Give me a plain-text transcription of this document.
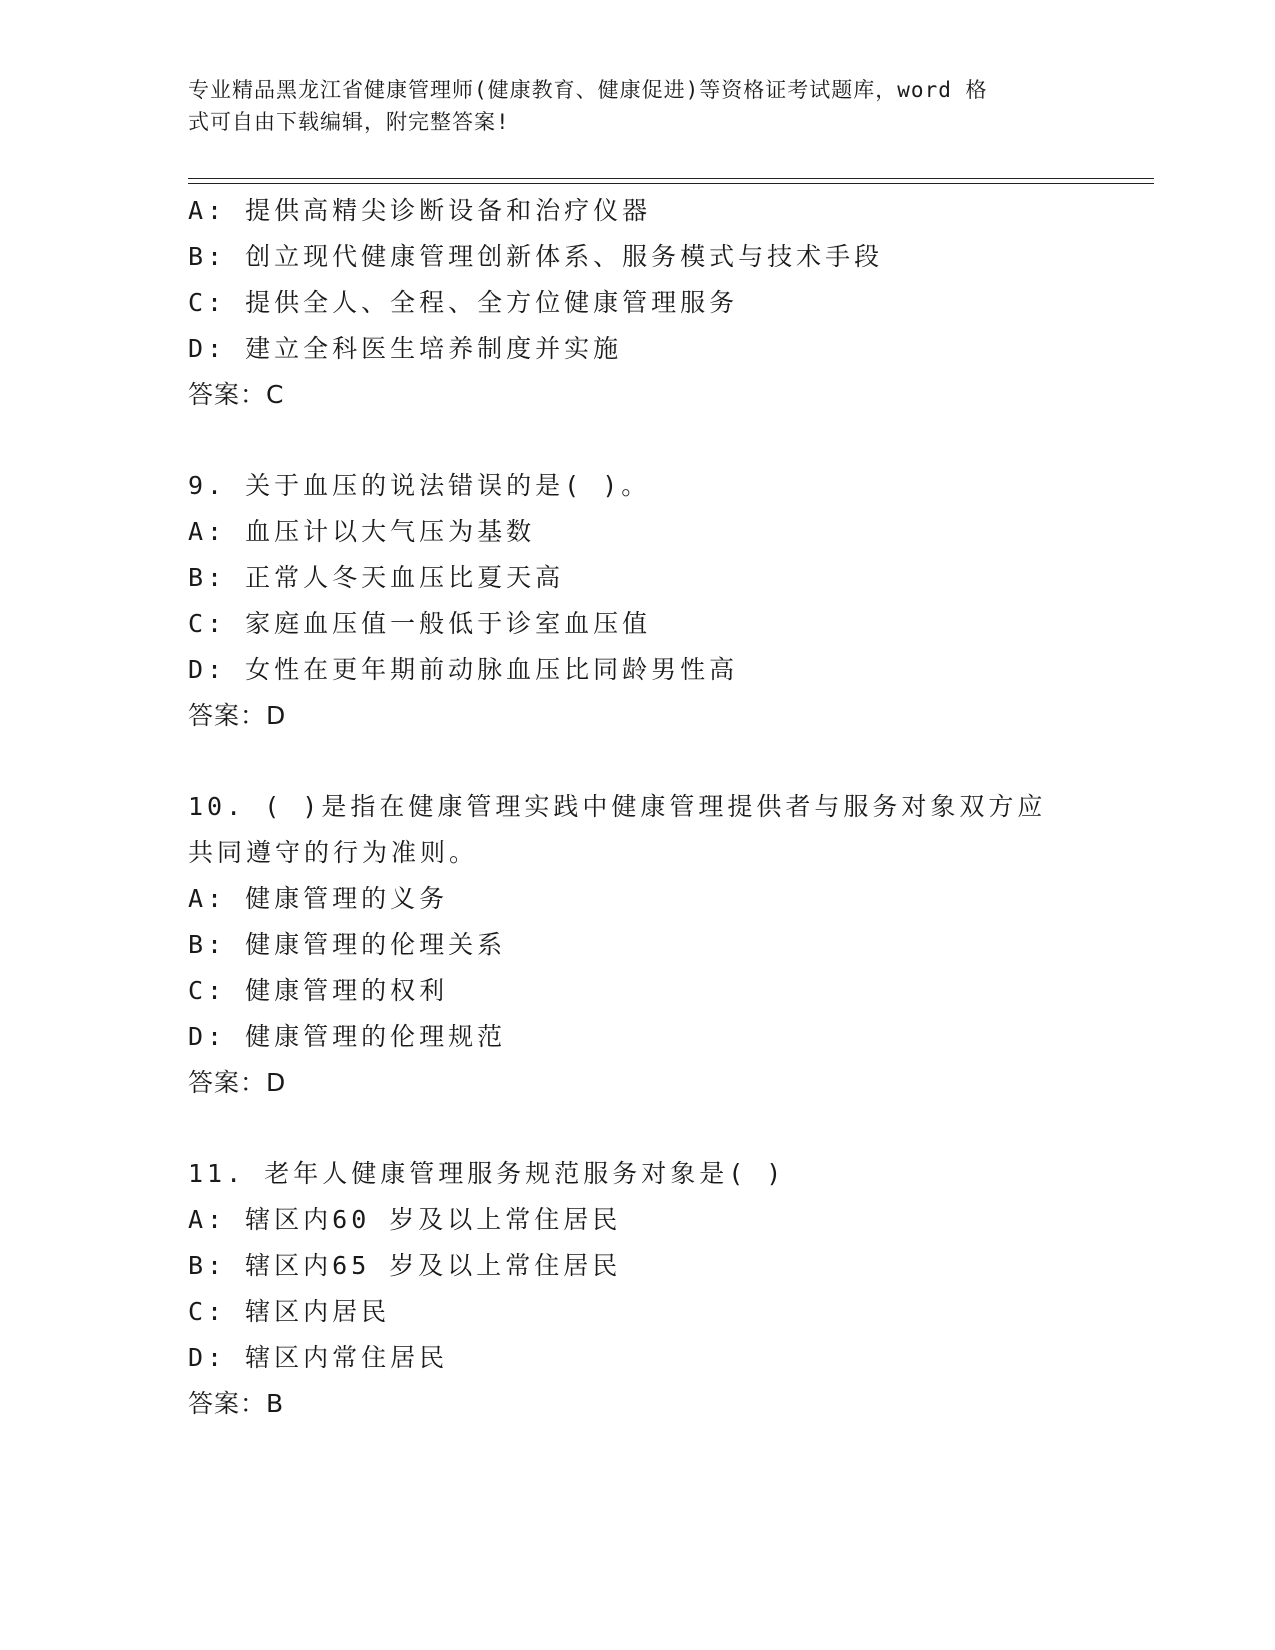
专业精品黑龙江省健康管理师(健康教育、健康促进)等资格证考试题库，word 格
式可自由下载编辑，附完整答案!
A: 提供高精尖诊断设备和治疗仪器
B: 创立现代健康管理创新体系、服务模式与技术手段
C: 提供全人、全程、全方位健康管理服务
D: 建立全科医生培养制度并实施
答案：C
9. 关于血压的说法错误的是( )。
A: 血压计以大气压为基数
B: 正常人冬天血压比夏天高
C: 家庭血压值一般低于诊室血压值
D: 女性在更年期前动脉血压比同龄男性高
答案：D
10. ( )是指在健康管理实践中健康管理提供者与服务对象双方应
共同遵守的行为准则。
A: 健康管理的义务
B: 健康管理的伦理关系
C: 健康管理的权利
D: 健康管理的伦理规范
答案：D
11. 老年人健康管理服务规范服务对象是( )
A: 辖区内60 岁及以上常住居民
B: 辖区内65 岁及以上常住居民
C: 辖区内居民
D: 辖区内常住居民
答案：B
